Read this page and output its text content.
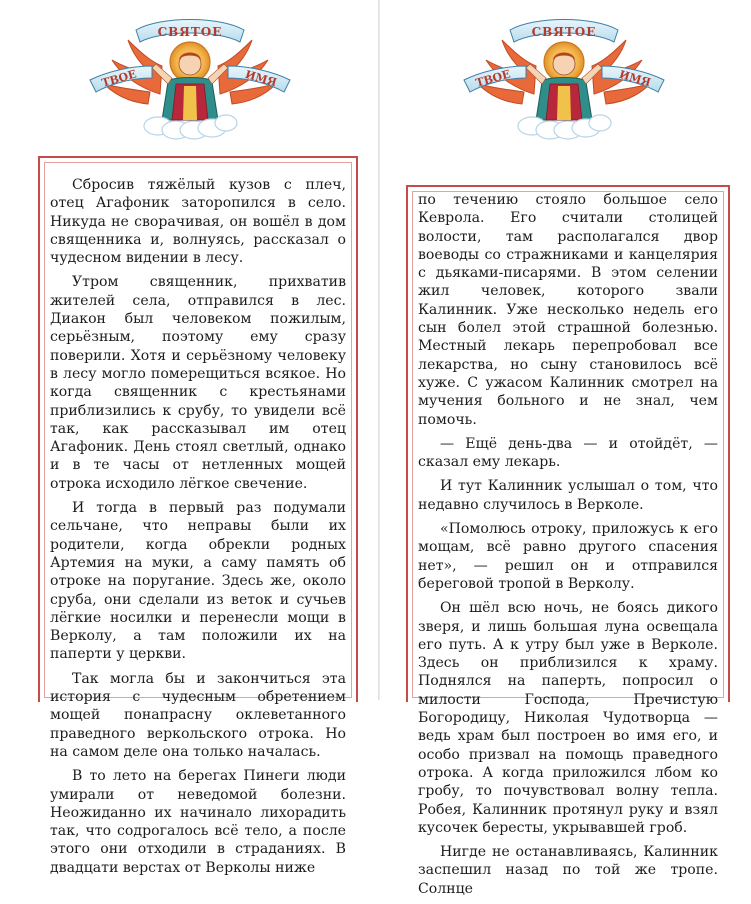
СВЯТОЕ
ТВОЕ	ИМЯ

Сбросив тяжёлый кузов с плеч, отец Агафоник заторопился в село. Никуда не сворачивая, он вошёл в дом священника и, волнуясь, рассказал о чудесном видении в лесу.

Утром священник, прихватив жителей села, отправился в лес. Диакон был человеком пожилым, серьёзным, поэтому ему сразу поверили. Хотя и серьёзному человеку в лесу могло померещиться всякое. Но когда священник с крестьянами приблизились к срубу, то увидели всё так, как рассказывал им отец Агафоник. День стоял светлый, однако и в те часы от нетленных мощей отрока исходило лёгкое свечение.

И тогда в первый раз подумали сельчане, что неправы были их родители, когда обрекли родных Артемия на муки, а саму память об отроке на поругание. Здесь же, около сруба, они сделали из веток и сучьев лёгкие носилки и перенесли мощи в Верколу, а там положили их на паперти у церкви.

Так могла бы и закончиться эта история с чудесным обретением мощей понапрасну оклеветанного праведного веркольского отрока. Но на самом деле она только началась.

В то лето на берегах Пинеги люди умирали от неведомой болезни. Неожиданно их начинало лихорадить так, что содрогалось всё тело, а после этого они отходили в страданиях. В двадцати верстах от Верколы ниже

СВЯТОЕ
ТВОЕ	ИМЯ

по течению стояло большое село Кеврола. Его считали столицей волости, там располагался двор воеводы со стражниками и канцелярия с дьяками-писарями. В этом селении жил человек, которого звали Калинник. Уже несколько недель его сын болел этой страшной болезнью. Местный лекарь перепробовал все лекарства, но сыну становилось всё хуже. С ужасом Калинник смотрел на мучения больного и не знал, чем помочь.

— Ещё день-два — и отойдёт, — сказал ему лекарь.

И тут Калинник услышал о том, что недавно случилось в Верколе.

«Помолюсь отроку, приложусь к его мощам, всё равно другого спасения нет», — решил он и отправился береговой тропой в Верколу.

Он шёл всю ночь, не боясь дикого зверя, и лишь большая луна освещала его путь. А к утру был уже в Верколе. Здесь он приблизился к храму. Поднялся на паперть, попросил о милости Господа, Пречистую Богородицу, Николая Чудотворца — ведь храм был построен во имя его, и особо призвал на помощь праведного отрока. А когда приложился лбом ко гробу, то почувствовал волну тепла. Робея, Калинник протянул руку и взял кусочек бересты, укрывавшей гроб.

Нигде не останавливаясь, Калинник заспешил назад по той же тропе. Солнце
